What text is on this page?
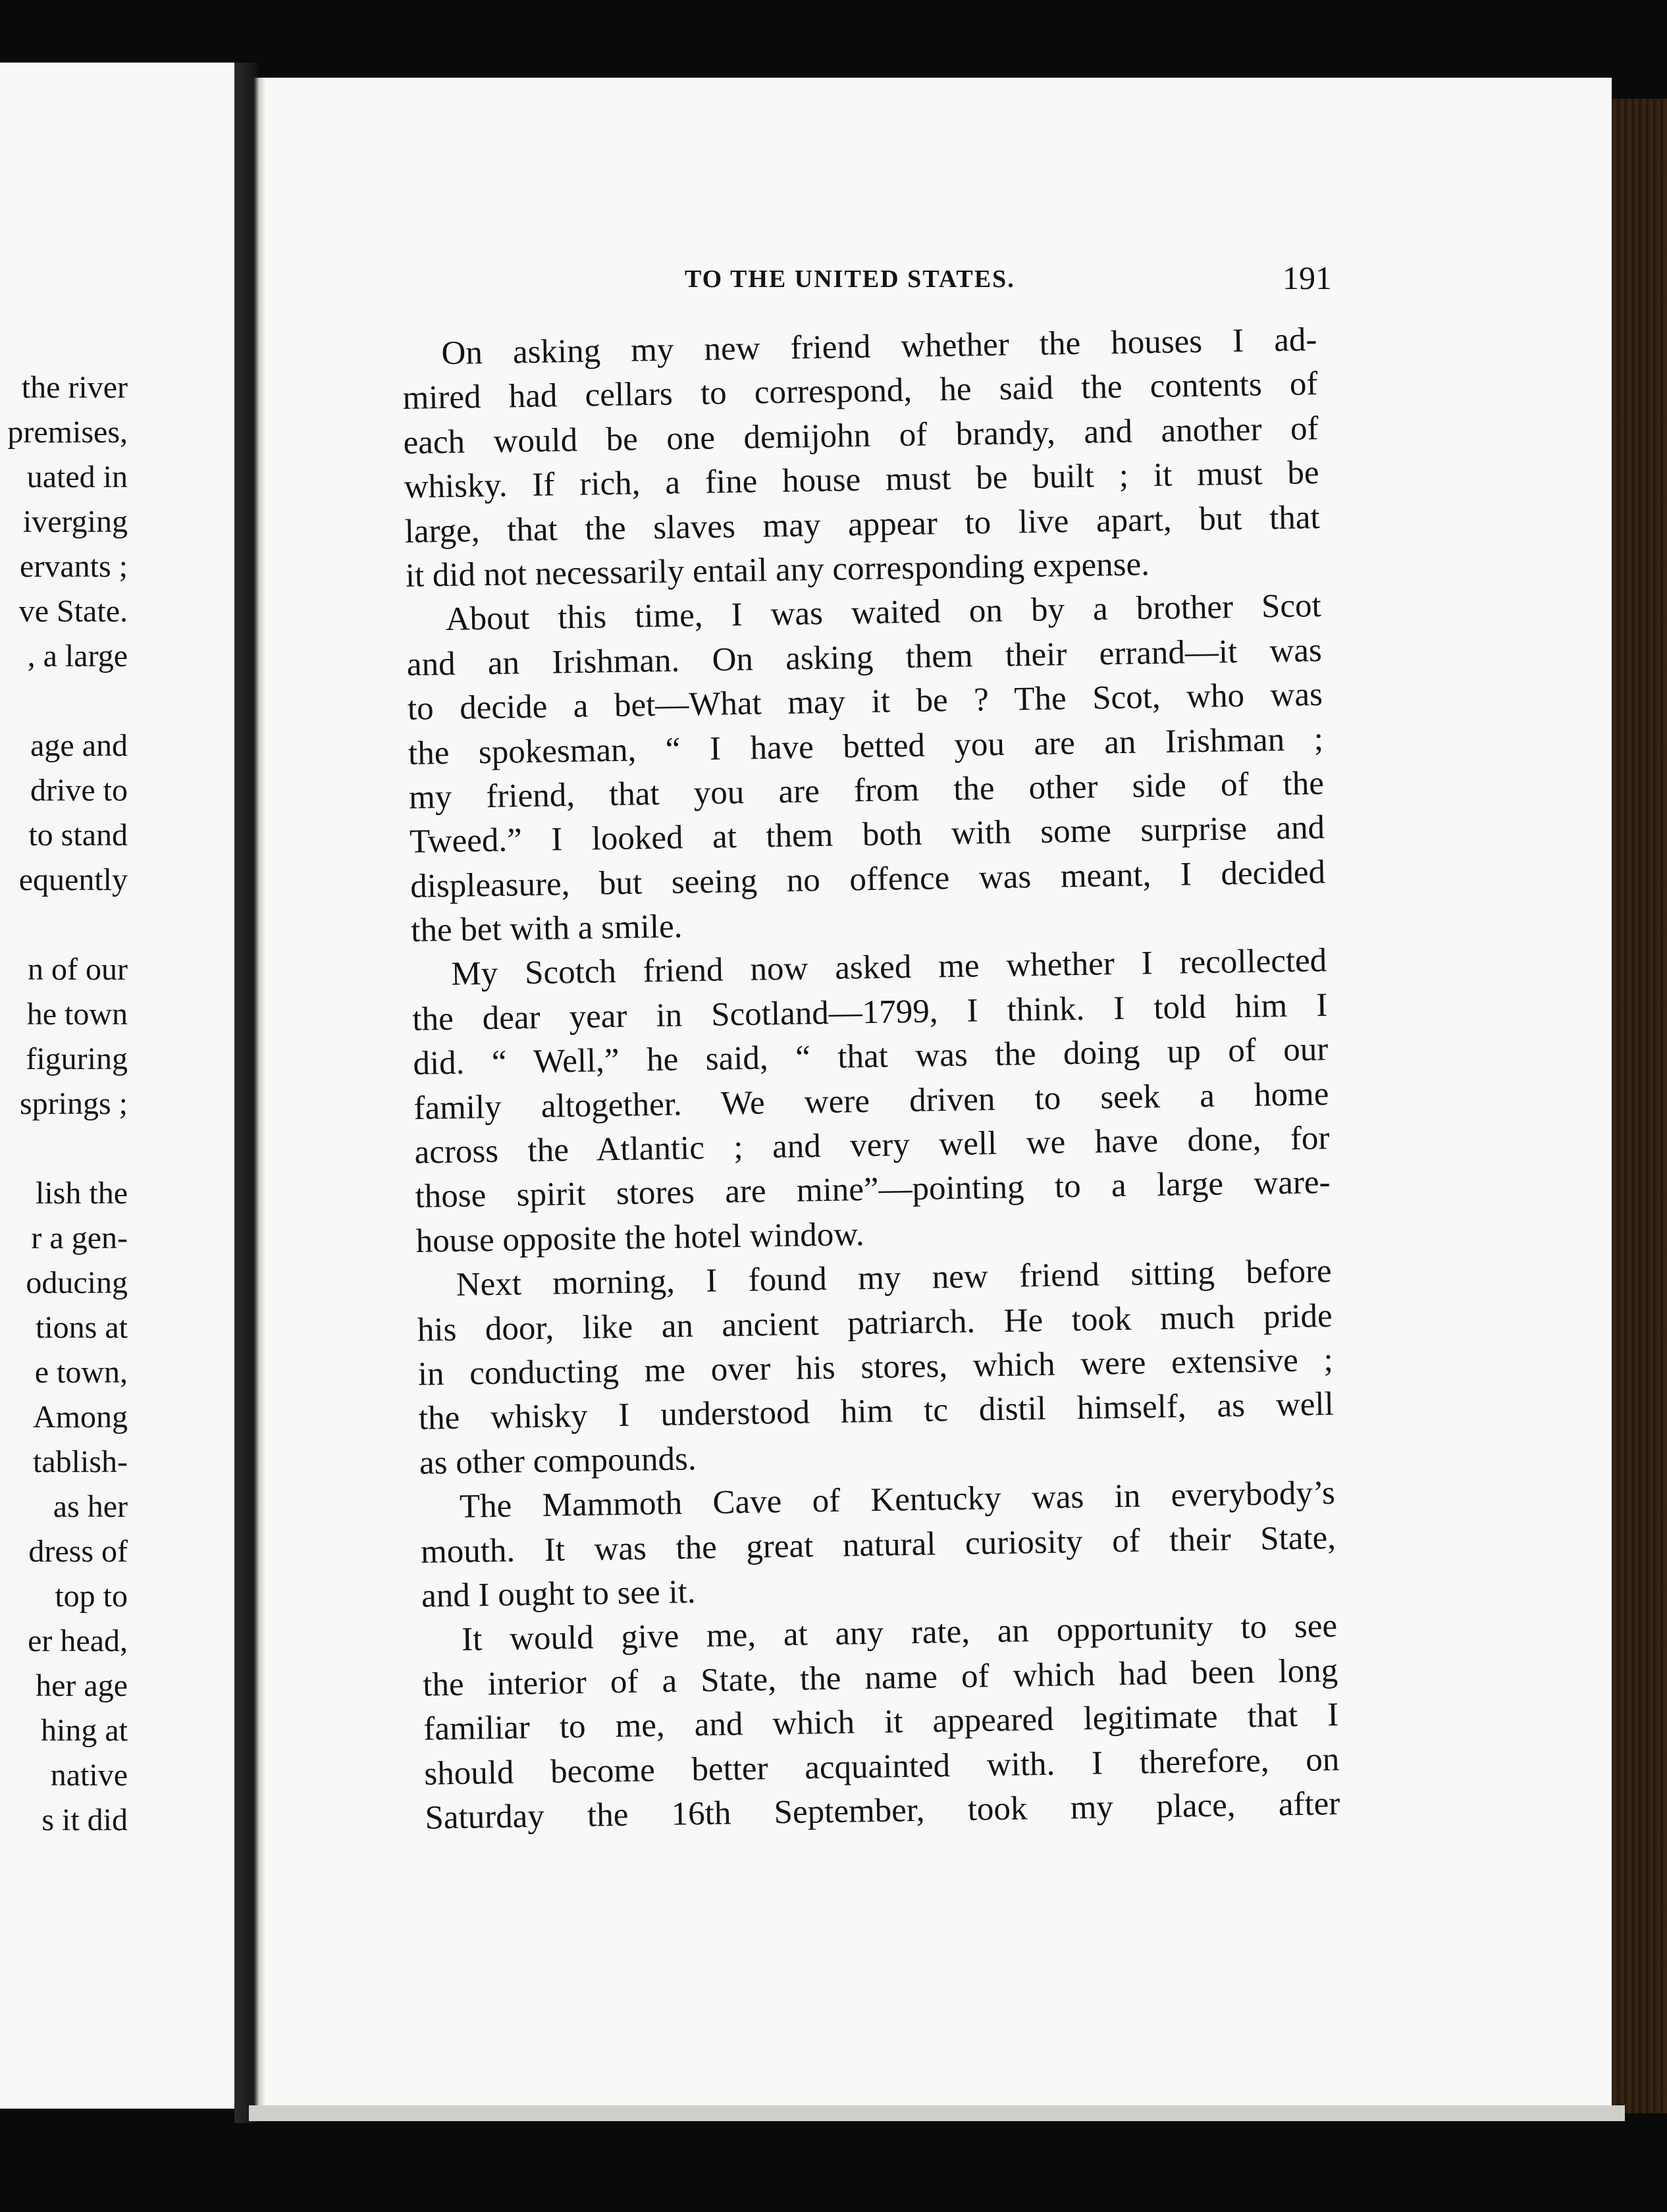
the river
premises,
uated in
iverging
ervants ;
ve State.
, a large
age and
drive to
to stand
equently
n of our
he town
figuring
springs ;
lish the
r a gen-
oducing
tions at
e town,
Among
tablish-
as her
dress of
top to
er head,
her age
hing at
native
s it did
TO THE UNITED STATES.	191
On asking my new friend whether the houses I ad-
mired had cellars to correspond, he said the contents of
each would be one demijohn of brandy, and another of
whisky. If rich, a fine house must be built ; it must be
large, that the slaves may appear to live apart, but that
it did not necessarily entail any corresponding expense.
About this time, I was waited on by a brother Scot
and an Irishman. On asking them their errand—it was
to decide a bet—What may it be ? The Scot, who was
the spokesman, “ I have betted you are an Irishman ;
my friend, that you are from the other side of the
Tweed.” I looked at them both with some surprise and
displeasure, but seeing no offence was meant, I decided
the bet with a smile.
My Scotch friend now asked me whether I recollected
the dear year in Scotland—1799, I think. I told him I
did. “ Well,” he said, “ that was the doing up of our
family altogether. We were driven to seek a home
across the Atlantic ; and very well we have done, for
those spirit stores are mine”—pointing to a large ware-
house opposite the hotel window.
Next morning, I found my new friend sitting before
his door, like an ancient patriarch. He took much pride
in conducting me over his stores, which were extensive ;
the whisky I understood him tc distil himself, as well
as other compounds.
The Mammoth Cave of Kentucky was in everybody’s
mouth. It was the great natural curiosity of their State,
and I ought to see it.
It would give me, at any rate, an opportunity to see
the interior of a State, the name of which had been long
familiar to me, and which it appeared legitimate that I
should become better acquainted with. I therefore, on
Saturday the 16th September, took my place, after
